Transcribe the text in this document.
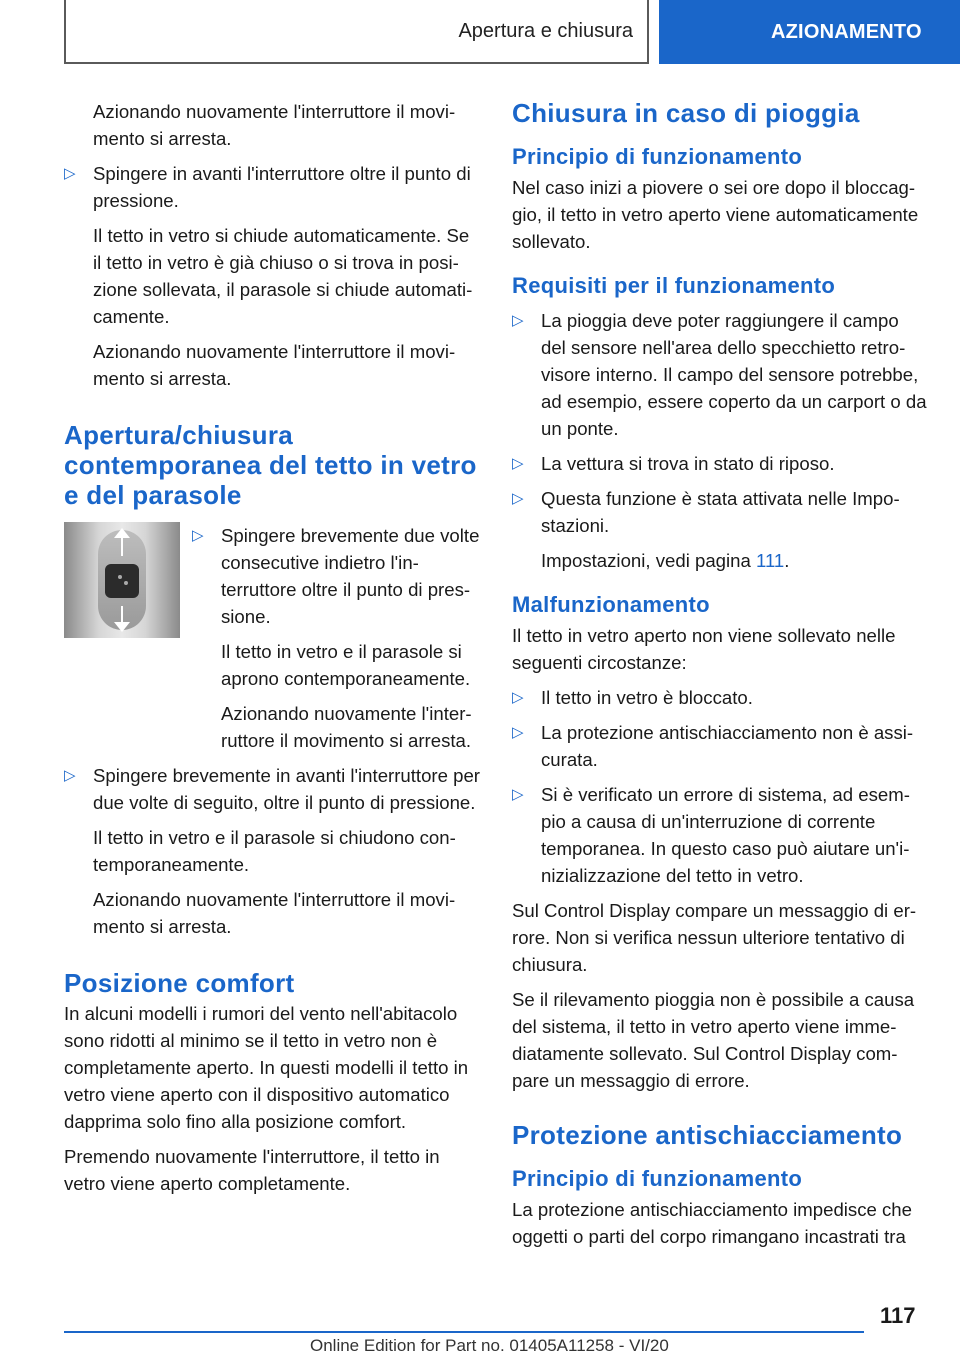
Apertura e chiusura	AZIONAMENTO

Azionando nuovamente l'interruttore il movimento si arresta.

▷ Spingere in avanti l'interruttore oltre il punto di pressione.

Il tetto in vetro si chiude automaticamente. Se il tetto in vetro è già chiuso o si trova in posizione sollevata, il parasole si chiude automaticamente.

Azionando nuovamente l'interruttore il movimento si arresta.

Apertura/chiusura contemporanea del tetto in vetro e del parasole
▷ Spingere brevemente due volte consecutive indietro l'interruttore oltre il punto di pressione.

Il tetto in vetro e il parasole si aprono contemporaneamente.

Azionando nuovamente l'interruttore il movimento si arresta.

▷ Spingere brevemente in avanti l'interruttore per due volte di seguito, oltre il punto di pressione.

Il tetto in vetro e il parasole si chiudono contemporaneamente.

Azionando nuovamente l'interruttore il movimento si arresta.

Posizione comfort

In alcuni modelli i rumori del vento nell'abitacolo sono ridotti al minimo se il tetto in vetro non è completamente aperto. In questi modelli il tetto in vetro viene aperto con il dispositivo automatico dapprima solo fino alla posizione comfort.

Premendo nuovamente l'interruttore, il tetto in vetro viene aperto completamente.

Chiusura in caso di pioggia
Principio di funzionamento

Nel caso inizi a piovere o sei ore dopo il bloccaggio, il tetto in vetro aperto viene automaticamente sollevato.

Requisiti per il funzionamento
▷ La pioggia deve poter raggiungere il campo del sensore nell'area dello specchietto retrovisore interno. Il campo del sensore potrebbe, ad esempio, essere coperto da un carport o da un ponte.
▷ La vettura si trova in stato di riposo.
▷ Questa funzione è stata attivata nelle Impostazioni.

Impostazioni, vedi pagina 111.

Malfunzionamento

Il tetto in vetro aperto non viene sollevato nelle seguenti circostanze:

▷ Il tetto in vetro è bloccato.
▷ La protezione antischiacciamento non è assicurata.
▷ Si è verificato un errore di sistema, ad esempio a causa di un'interruzione di corrente temporanea. In questo caso può aiutare un'inizializzazione del tetto in vetro.

Sul Control Display compare un messaggio di errore. Non si verifica nessun ulteriore tentativo di chiusura.

Se il rilevamento pioggia non è possibile a causa del sistema, il tetto in vetro aperto viene immediatamente sollevato. Sul Control Display compare un messaggio di errore.

Protezione antischiacciamento
Principio di funzionamento

La protezione antischiacciamento impedisce che oggetti o parti del corpo rimangano incastrati tra

117
Online Edition for Part no. 01405A11258 - VI/20
